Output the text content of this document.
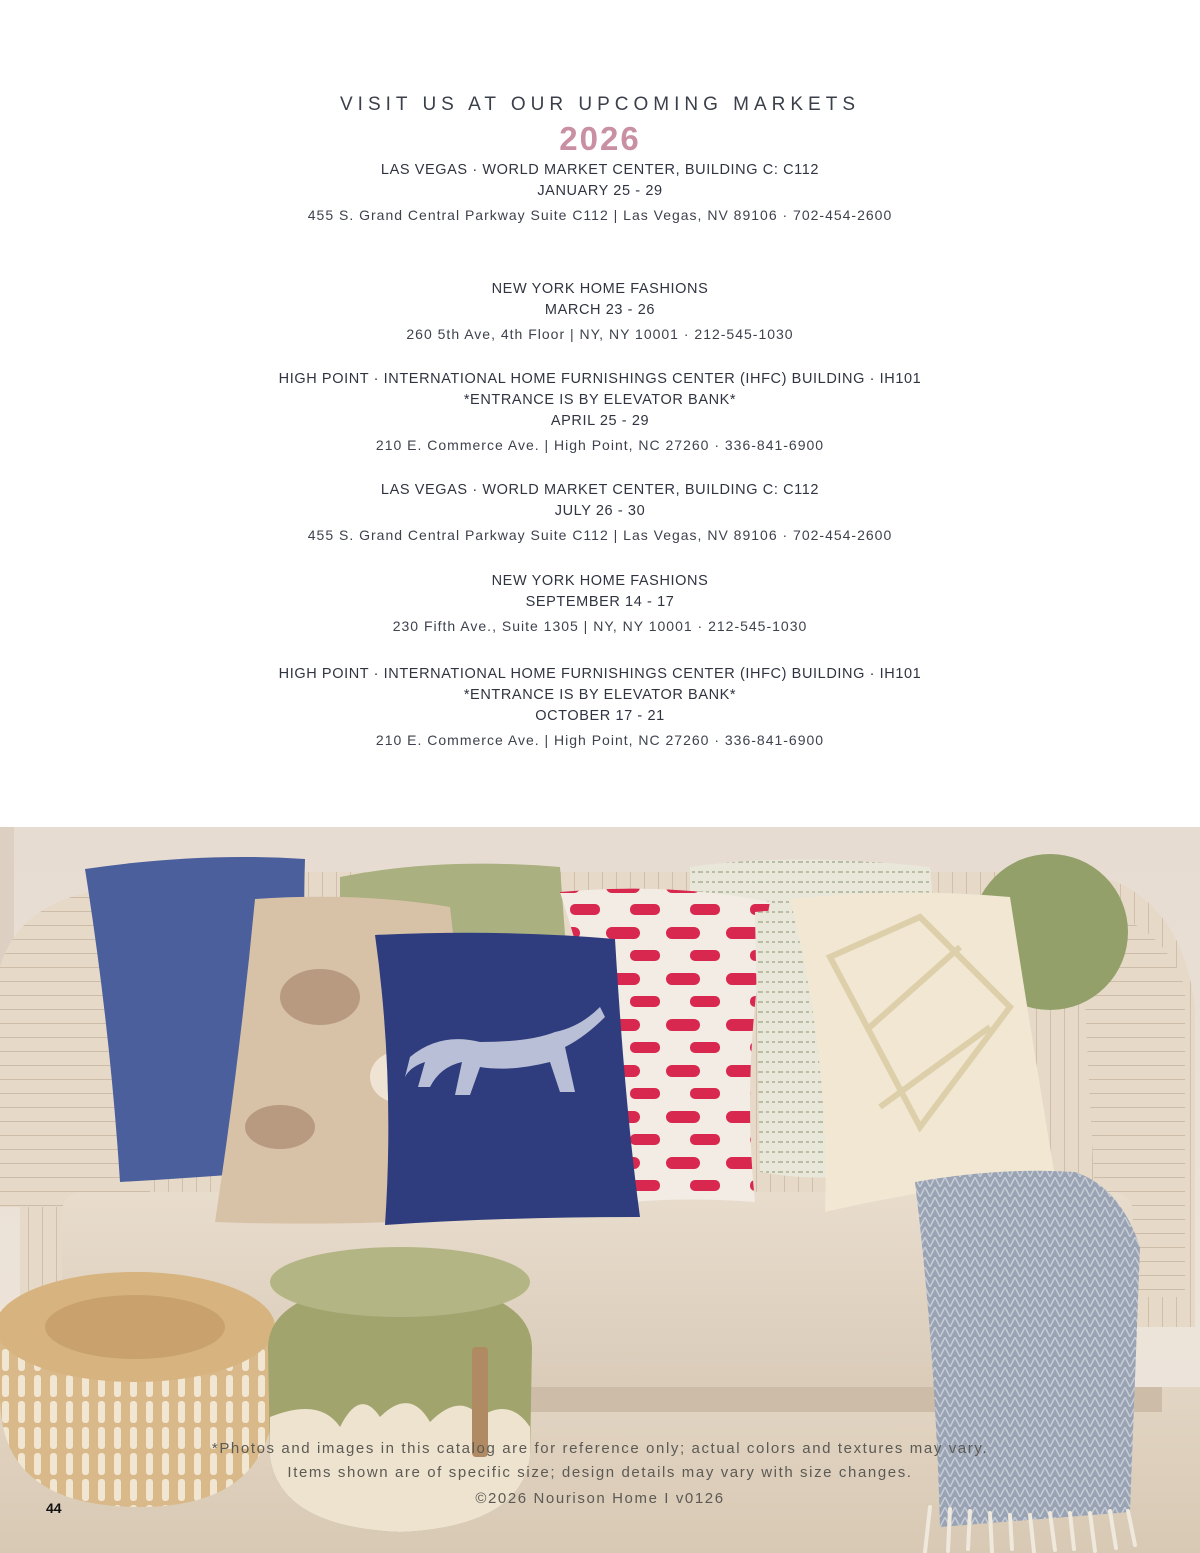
VISIT US AT OUR UPCOMING MARKETS
2026
LAS VEGAS · WORLD MARKET CENTER, BUILDING C: C112
JANUARY 25 - 29
455 S. Grand Central Parkway Suite C112 | Las Vegas, NV 89106 · 702-454-2600
NEW YORK HOME FASHIONS
MARCH 23 - 26
260 5th Ave, 4th Floor | NY, NY 10001 · 212-545-1030
HIGH POINT · INTERNATIONAL HOME FURNISHINGS CENTER (IHFC) BUILDING · IH101
*ENTRANCE IS BY ELEVATOR BANK*
APRIL 25 - 29
210 E. Commerce Ave. | High Point, NC 27260 · 336-841-6900
LAS VEGAS · WORLD MARKET CENTER, BUILDING C: C112
JULY 26 - 30
455 S. Grand Central Parkway Suite C112 | Las Vegas, NV 89106 · 702-454-2600
NEW YORK HOME FASHIONS
SEPTEMBER 14 - 17
230 Fifth Ave., Suite 1305 | NY, NY 10001 · 212-545-1030
HIGH POINT · INTERNATIONAL HOME FURNISHINGS CENTER (IHFC) BUILDING · IH101
*ENTRANCE IS BY ELEVATOR BANK*
OCTOBER 17 - 21
210 E. Commerce Ave. | High Point, NC 27260 · 336-841-6900
*Photos and images in this catalog are for reference only; actual colors and textures may vary.
Items shown are of specific size; design details may vary with size changes.
©2026 Nourison Home I v0126
44
